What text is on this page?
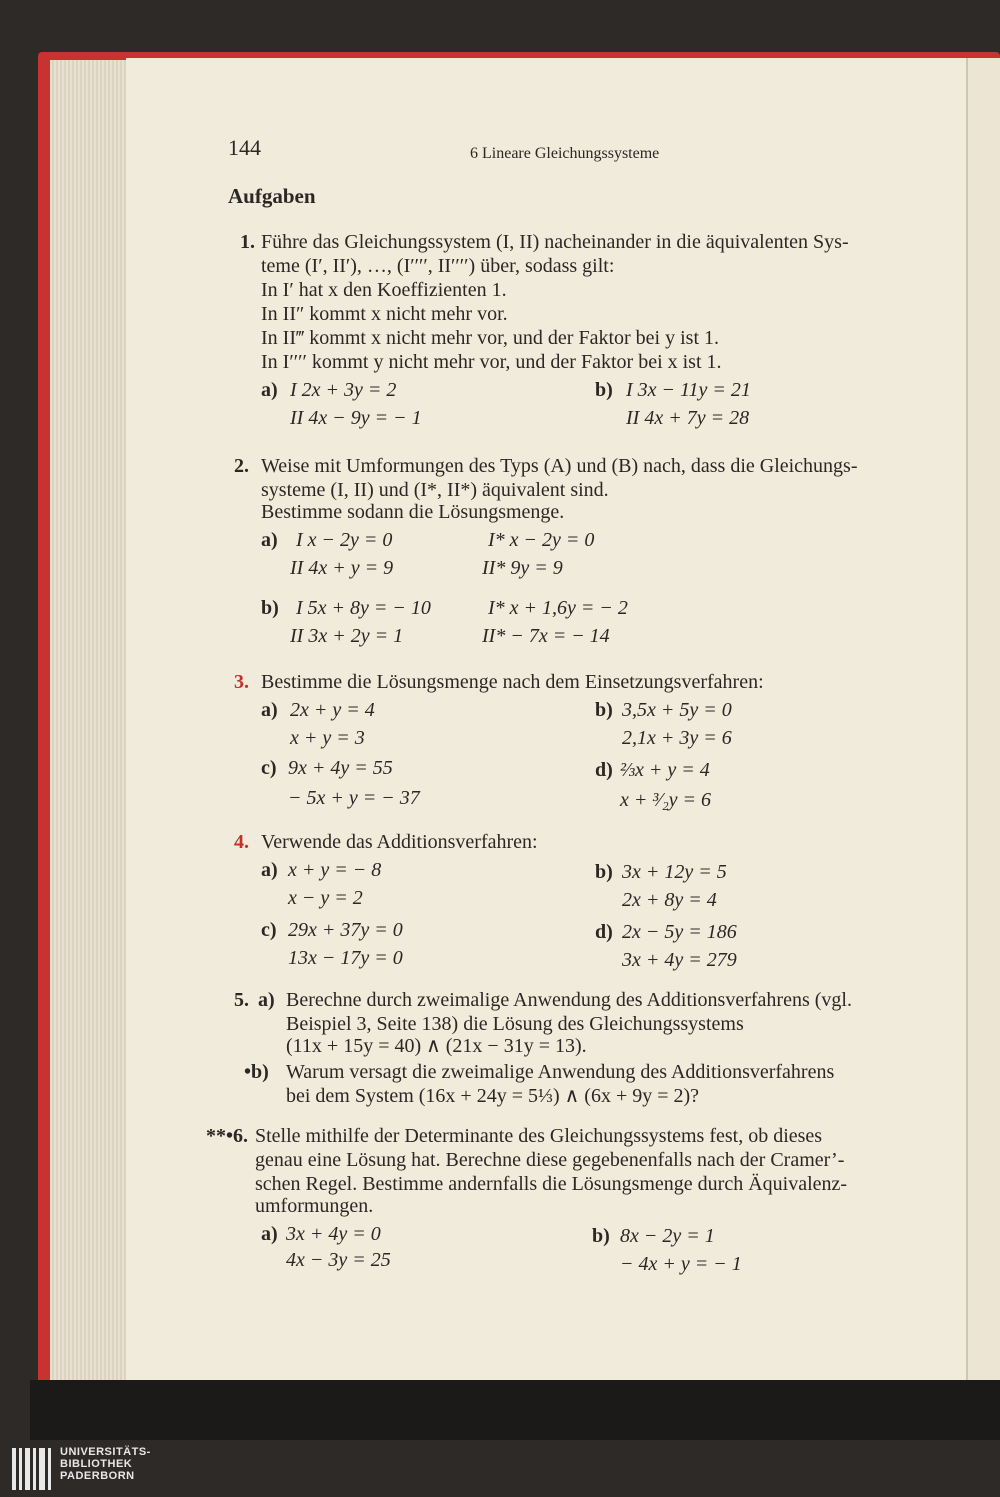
144	6 Lineare Gleichungssysteme
Aufgaben
1. Führe das Gleichungssystem (I, II) nacheinander in die äquivalenten Sys-
teme (I′, II′), …, (I′′′′, II′′′′) über, sodass gilt:
In I′ hat x den Koeffizienten 1.
In II″ kommt x nicht mehr vor.
In II‴ kommt x nicht mehr vor, und der Faktor bei y ist 1.
In I′′′′ kommt y nicht mehr vor, und der Faktor bei x ist 1.
a) I 2x + 3y = 2
II 4x − 9y = − 1
b) I 3x − 11y = 21
II 4x + 7y = 28
2. Weise mit Umformungen des Typs (A) und (B) nach, dass die Gleichungs-
systeme (I, II) und (I*, II*) äquivalent sind.
Bestimme sodann die Lösungsmenge.
a) I x − 2y = 0	I* x − 2y = 0
II 4x + y = 9	II* 9y = 9
b) I 5x + 8y = − 10	I* x + 1,6y = − 2
II 3x + 2y = 1	II* − 7x = − 14
3. Bestimme die Lösungsmenge nach dem Einsetzungsverfahren:
a) 2x + y = 4
x + y = 3
b) 3,5x + 5y = 0
2,1x + 3y = 6
c) 9x + 4y = 55
− 5x + y = − 37
d) ⅔x + y = 4
x + ³⁄₂y = 6
4. Verwende das Additionsverfahren:
a) x + y = − 8
x − y = 2
b) 3x + 12y = 5
2x + 8y = 4
c) 29x + 37y = 0
13x − 17y = 0
d) 2x − 5y = 186
3x + 4y = 279
5. a) Berechne durch zweimalige Anwendung des Additionsverfahrens (vgl.
Beispiel 3, Seite 138) die Lösung des Gleichungssystems
(11x + 15y = 40) ∧ (21x − 31y = 13).
•b) Warum versagt die zweimalige Anwendung des Additionsverfahrens
bei dem System (16x + 24y = 5⅓) ∧ (6x + 9y = 2)?
**•6. Stelle mithilfe der Determinante des Gleichungssystems fest, ob dieses
genau eine Lösung hat. Berechne diese gegebenenfalls nach der Cramer’-
schen Regel. Bestimme andernfalls die Lösungsmenge durch Äquivalenz-
umformungen.
a) 3x + 4y = 0
4x − 3y = 25
b) 8x − 2y = 1
− 4x + y = − 1
UNIVERSITÄTS-
BIBLIOTHEK
PADERBORN
